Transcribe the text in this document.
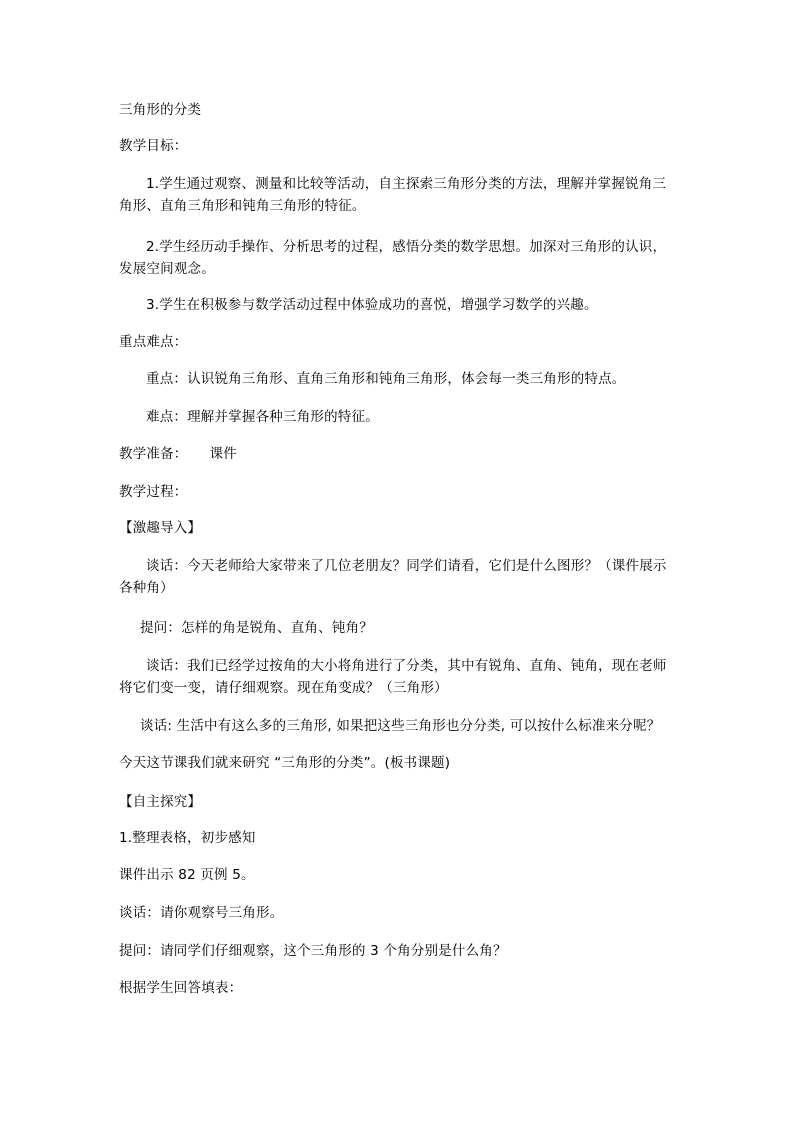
三角形的分类
教学目标：
1.学生通过观察、测量和比较等活动，自主探索三角形分类的方法，理解并掌握锐角三角形、直角三角形和钝角三角形的特征。
2.学生经历动手操作、分析思考的过程，感悟分类的数学思想。加深对三角形的认识，发展空间观念。
3.学生在积极参与数学活动过程中体验成功的喜悦，增强学习数学的兴趣。
重点难点：
重点：认识锐角三角形、直角三角形和钝角三角形，体会每一类三角形的特点。
难点：理解并掌握各种三角形的特征。
教学准备： 课件
教学过程：
【激趣导入】
谈话：今天老师给大家带来了几位老朋友？同学们请看，它们是什么图形？（课件展示各种角）
提问：怎样的角是锐角、直角、钝角？
谈话：我们已经学过按角的大小将角进行了分类，其中有锐角、直角、钝角，现在老师将它们变一变，请仔细观察。现在角变成？（三角形）
谈话: 生活中有这么多的三角形, 如果把这些三角形也分分类, 可以按什么标准来分呢？
今天这节课我们就来研究 “三角形的分类”。(板书课题)
【自主探究】
1.整理表格，初步感知
课件出示 82 页例 5。
谈话：请你观察号三角形。
提问：请同学们仔细观察，这个三角形的 3 个角分别是什么角？
根据学生回答填表：
